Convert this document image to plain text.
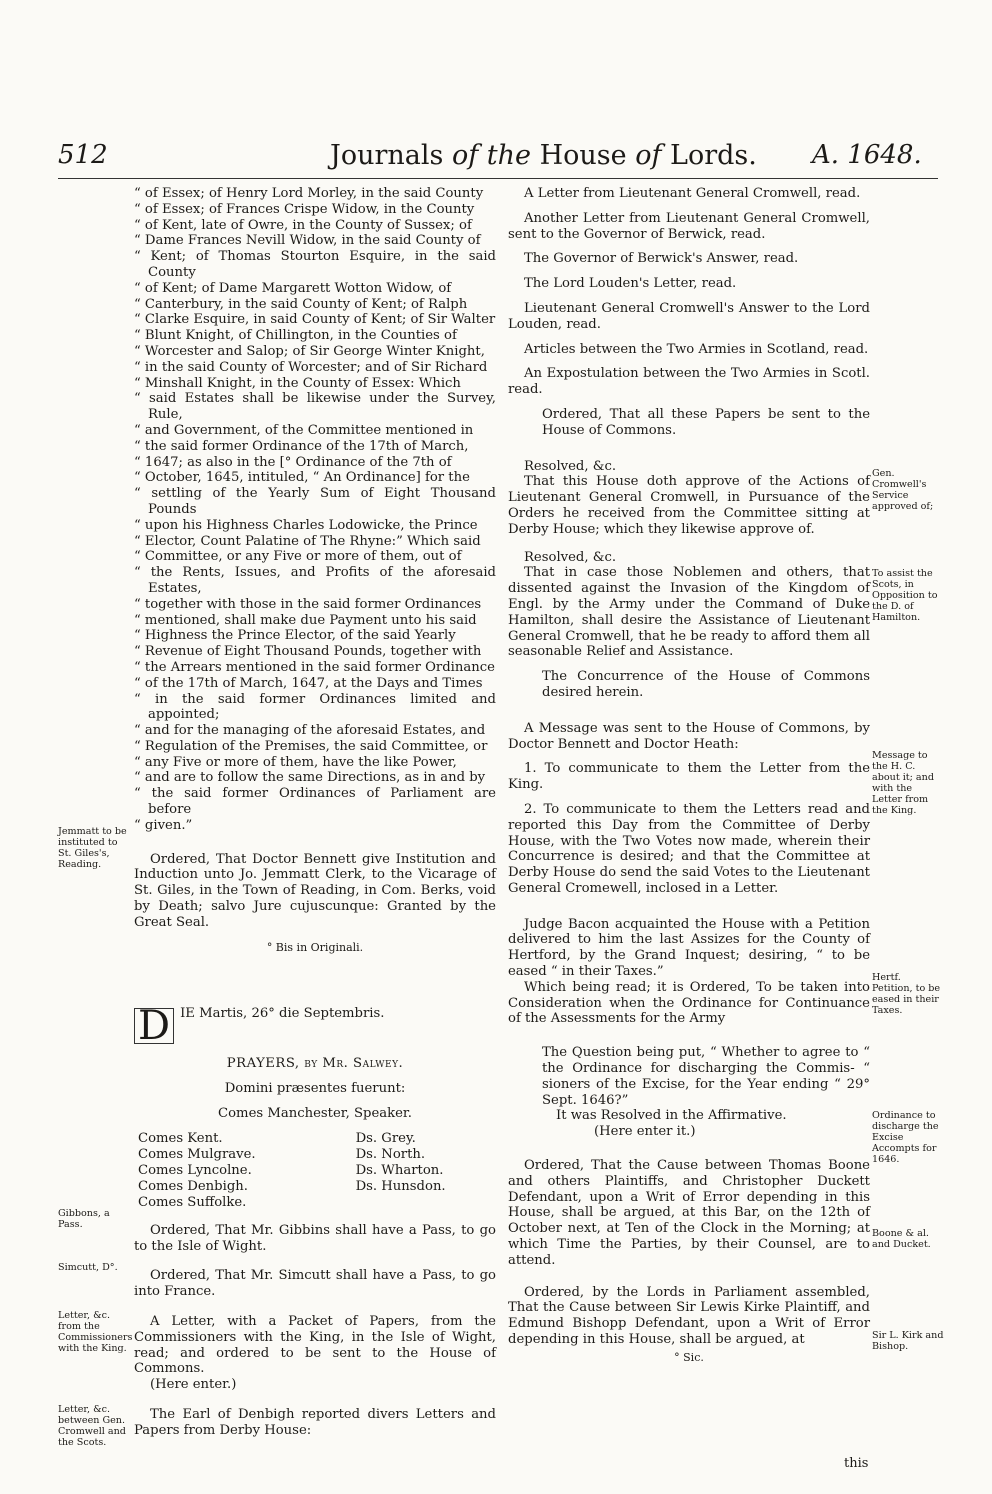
512	Journals of the House of Lords. A. 1648.

“ of Essex; of Henry Lord Morley, in the said County

“ of Essex; of Frances Crispe Widow, in the County

“ of Kent, late of Owre, in the County of Sussex; of

“ Dame Frances Nevill Widow, in the said County of

“ Kent; of Thomas Stourton Esquire, in the said County

“ of Kent; of Dame Margarett Wotton Widow, of

“ Canterbury, in the said County of Kent; of Ralph

“ Clarke Esquire, in said County of Kent; of Sir Walter

“ Blunt Knight, of Chillington, in the Counties of

“ Worcester and Salop; of Sir George Winter Knight,

“ in the said County of Worcester; and of Sir Richard

“ Minshall Knight, in the County of Essex: Which

“ said Estates shall be likewise under the Survey, Rule,

“ and Government, of the Committee mentioned in

“ the said former Ordinance of the 17th of March,

“ 1647; as also in the [° Ordinance of the 7th of

“ October, 1645, intituled, “ An Ordinance] for the

“ settling of the Yearly Sum of Eight Thousand Pounds

“ upon his Highness Charles Lodowicke, the Prince

“ Elector, Count Palatine of The Rhyne:” Which said

“ Committee, or any Five or more of them, out of

“ the Rents, Issues, and Profits of the aforesaid Estates,

“ together with those in the said former Ordinances

“ mentioned, shall make due Payment unto his said

“ Highness the Prince Elector, of the said Yearly

“ Revenue of Eight Thousand Pounds, together with

“ the Arrears mentioned in the said former Ordinance

“ of the 17th of March, 1647, at the Days and Times

“ in the said former Ordinances limited and appointed;

“ and for the managing of the aforesaid Estates, and

“ Regulation of the Premises, the said Committee, or

“ any Five or more of them, have the like Power,

“ and are to follow the same Directions, as in and by

“ the said former Ordinances of Parliament are before

“ given.”

Ordered, That Doctor Bennett give Institution and Induction unto Jo. Jemmatt Clerk, to the Vicarage of St. Giles, in the Town of Reading, in Com. Berks, void by Death; salvo Jure cujuscunque: Granted by the Great Seal.

° Bis in Originali.

D IE Martis, 26° die Septembris.

PRAYERS, by Mr. Salwey.

Domini præsentes fuerunt:

Comes Manchester, Speaker.

Comes Kent.
Comes Mulgrave.
Comes Lyncolne.
Comes Denbigh.
Comes Suffolke.
Ds. Grey.
Ds. North.
Ds. Wharton.
Ds. Hunsdon.

Ordered, That Mr. Gibbins shall have a Pass, to go to the Isle of Wight.

Ordered, That Mr. Simcutt shall have a Pass, to go into France.

A Letter, with a Packet of Papers, from the Commissioners with the King, in the Isle of Wight, read; and ordered to be sent to the House of Commons.

(Here enter.)

The Earl of Denbigh reported divers Letters and Papers from Derby House:

A Letter from Lieutenant General Cromwell, read.

Another Letter from Lieutenant General Cromwell, sent to the Governor of Berwick, read.

The Governor of Berwick's Answer, read.

The Lord Louden's Letter, read.

Lieutenant General Cromwell's Answer to the Lord Louden, read.

Articles between the Two Armies in Scotland, read.

An Expostulation between the Two Armies in Scotl. read.

Ordered, That all these Papers be sent to the House of Commons.

Resolved, &c.

That this House doth approve of the Actions of Lieutenant General Cromwell, in Pursuance of the Orders he received from the Committee sitting at Derby House; which they likewise approve of.

Resolved, &c.

That in case those Noblemen and others, that dissented against the Invasion of the Kingdom of Engl. by the Army under the Command of Duke Hamilton, shall desire the Assistance of Lieutenant General Cromwell, that he be ready to afford them all seasonable Relief and Assistance.

The Concurrence of the House of Commons desired herein.

A Message was sent to the House of Commons, by Doctor Bennett and Doctor Heath:

1. To communicate to them the Letter from the King.

2. To communicate to them the Letters read and reported this Day from the Committee of Derby House, with the Two Votes now made, wherein their Concurrence is desired; and that the Committee at Derby House do send the said Votes to the Lieutenant General Cromewell, inclosed in a Letter.

Judge Bacon acquainted the House with a Petition delivered to him the last Assizes for the County of Hertford, by the Grand Inquest; desiring, “ to be eased “ in their Taxes.”

Which being read; it is Ordered, To be taken into Consideration when the Ordinance for Continuance of the Assessments for the Army

The Question being put, “ Whether to agree to “ the Ordinance for discharging the Commis- “ sioners of the Excise, for the Year ending “ 29° Sept. 1646?”

It was Resolved in the Affirmative.

(Here enter it.)

Ordered, That the Cause between Thomas Boone and others Plaintiffs, and Christopher Duckett Defendant, upon a Writ of Error depending in this House, shall be argued, at this Bar, on the 12th of October next, at Ten of the Clock in the Morning; at which Time the Parties, by their Counsel, are to attend.

Ordered, by the Lords in Parliament assembled, That the Cause between Sir Lewis Kirke Plaintiff, and Edmund Bishopp Defendant, upon a Writ of Error depending in this House, shall be argued, at

° Sic.

this
Jemmatt to be instituted to St. Giles's, Reading.
Gibbons, a Pass.
Simcutt, D°.
Letter, &c. from the Commissioners with the King.
Letter, &c. between Gen. Cromwell and the Scots.
Gen. Cromwell's Service approved of;
To assist the Scots, in Opposition to the D. of Hamilton.
Message to the H. C. about it; and with the Letter from the King.
Hertf. Petition, to be eased in their Taxes.
Ordinance to discharge the Excise Accompts for 1646.
Boone & al. and Ducket.
Sir L. Kirk and Bishop.
